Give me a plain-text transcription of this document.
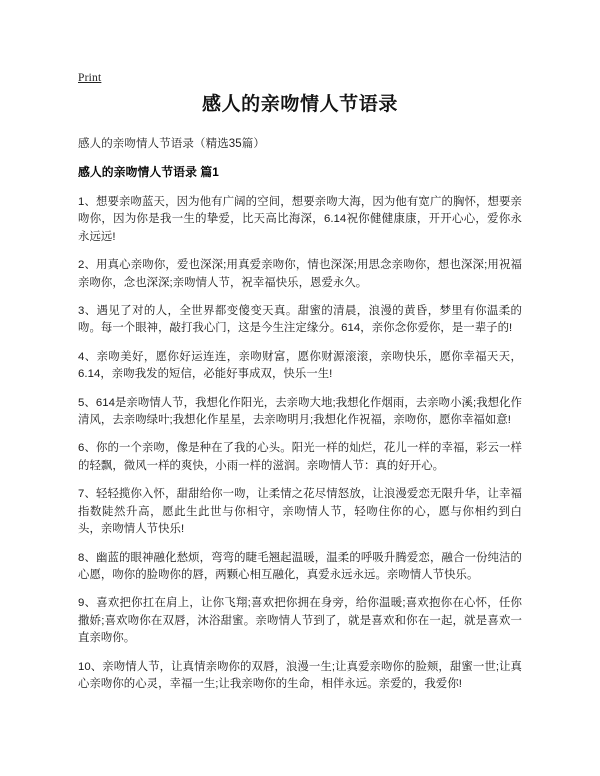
Print
感人的亲吻情人节语录

感人的亲吻情人节语录（精选35篇）

感人的亲吻情人节语录 篇1

1、想要亲吻蓝天，因为他有广阔的空间，想要亲吻大海，因为他有宽广的胸怀，想要亲吻你，因为你是我一生的挚爱，比天高比海深，6.14祝你健健康康，开开心心，爱你永永远远!

2、用真心亲吻你，爱也深深;用真爱亲吻你，情也深深;用思念亲吻你，想也深深;用祝福亲吻你，念也深深;亲吻情人节，祝幸福快乐，恩爱永久。

3、遇见了对的人，全世界都变傻变天真。甜蜜的清晨，浪漫的黄昏，梦里有你温柔的吻。每一个眼神，敲打我心门，这是今生注定缘分。614，亲你念你爱你，是一辈子的!

4、亲吻美好，愿你好运连连，亲吻财富，愿你财源滚滚，亲吻快乐，愿你幸福天天，6.14，亲吻我发的短信，必能好事成双，快乐一生!

5、614是亲吻情人节，我想化作阳光，去亲吻大地;我想化作烟雨，去亲吻小溪;我想化作清风，去亲吻绿叶;我想化作星星，去亲吻明月;我想化作祝福，亲吻你，愿你幸福如意!

6、你的一个亲吻，像是种在了我的心头。阳光一样的灿烂，花儿一样的幸福，彩云一样的轻飘，微风一样的爽快，小雨一样的滋润。亲吻情人节：真的好开心。

7、轻轻揽你入怀，甜甜给你一吻，让柔情之花尽情怒放，让浪漫爱恋无限升华，让幸福指数陡然升高，愿此生此世与你相守，亲吻情人节，轻吻住你的心，愿与你相约到白头，亲吻情人节快乐!

8、幽蓝的眼神融化愁烦，弯弯的睫毛翘起温暖，温柔的呼吸升腾爱恋，融合一份纯洁的心愿，吻你的脸吻你的唇，两颗心相互融化，真爱永远永远。亲吻情人节快乐。

9、喜欢把你扛在肩上，让你飞翔;喜欢把你拥在身旁，给你温暖;喜欢抱你在心怀，任你撒娇;喜欢吻你在双唇，沐浴甜蜜。亲吻情人节到了，就是喜欢和你在一起，就是喜欢一直亲吻你。

10、亲吻情人节，让真情亲吻你的双唇，浪漫一生;让真爱亲吻你的脸颊，甜蜜一世;让真心亲吻你的心灵，幸福一生;让我亲吻你的生命，相伴永远。亲爱的，我爱你!
